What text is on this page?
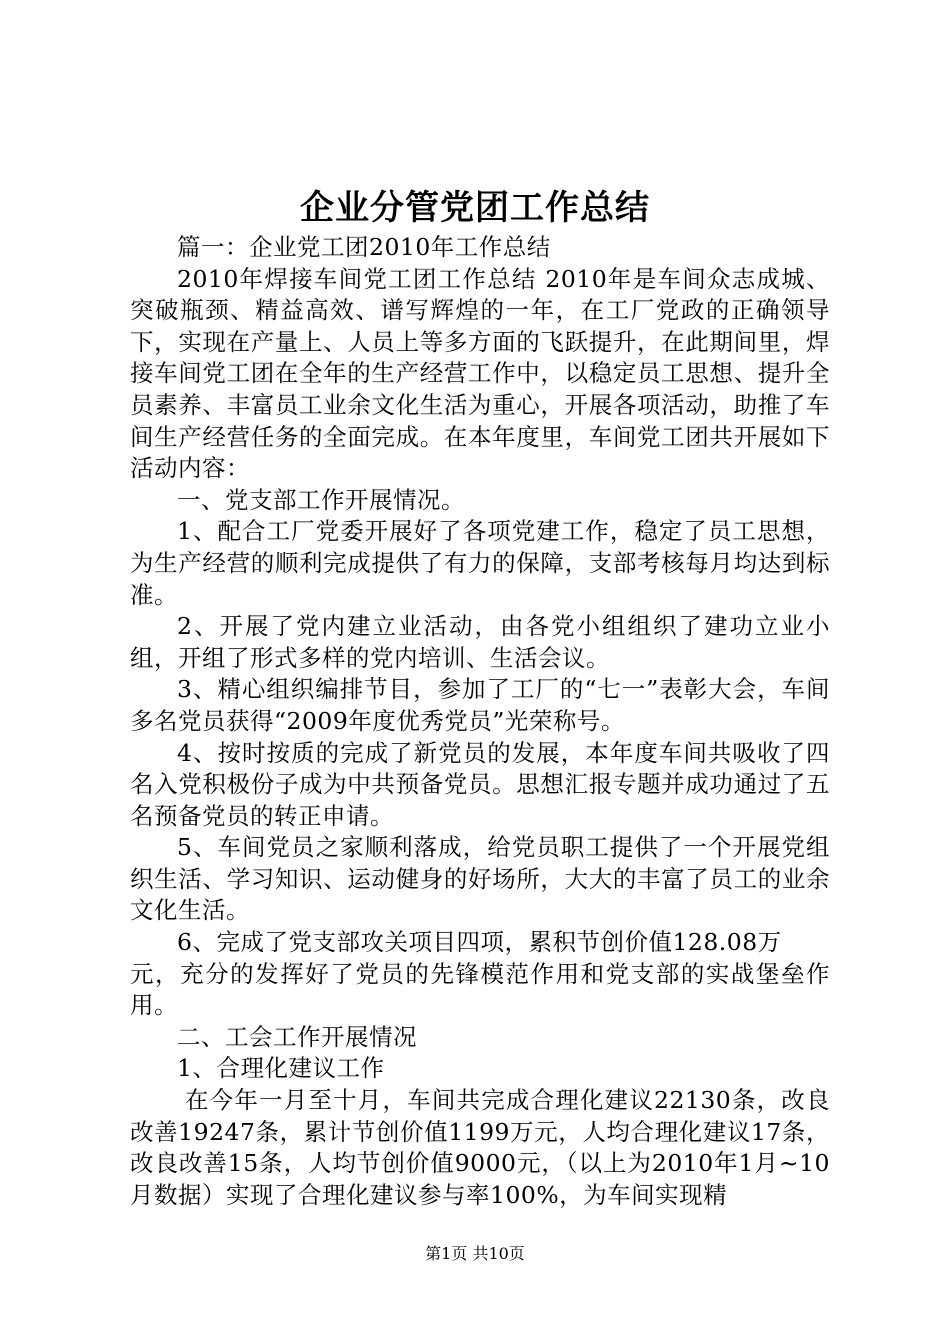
企业分管党团工作总结

篇一：企业党工团2010年工作总结

2010年焊接车间党工团工作总结 2010年是车间众志成城、突破瓶颈、精益高效、谱写辉煌的一年，在工厂党政的正确领导下，实现在产量上、人员上等多方面的飞跃提升，在此期间里，焊接车间党工团在全年的生产经营工作中，以稳定员工思想、提升全员素养、丰富员工业余文化生活为重心，开展各项活动，助推了车间生产经营任务的全面完成。在本年度里，车间党工团共开展如下活动内容：

一、党支部工作开展情况。

1、配合工厂党委开展好了各项党建工作，稳定了员工思想，为生产经营的顺利完成提供了有力的保障，支部考核每月均达到标准。

2、开展了党内建立业活动，由各党小组组织了建功立业小组，开组了形式多样的党内培训、生活会议。

3、精心组织编排节目，参加了工厂的“七一”表彰大会，车间多名党员获得“2009年度优秀党员”光荣称号。

4、按时按质的完成了新党员的发展，本年度车间共吸收了四名入党积极份子成为中共预备党员。思想汇报专题并成功通过了五名预备党员的转正申请。

5、车间党员之家顺利落成，给党员职工提供了一个开展党组织生活、学习知识、运动健身的好场所，大大的丰富了员工的业余文化生活。

6、完成了党支部攻关项目四项，累积节创价值128.08万

元，充分的发挥好了党员的先锋模范作用和党支部的实战堡垒作用。

二、工会工作开展情况

1、合理化建议工作

在今年一月至十月，车间共完成合理化建议22130条，改良改善19247条，累计节创价值1199万元，人均合理化建议17条，改良改善15条，人均节创价值9000元，（以上为2010年1月~10月数据）实现了合理化建议参与率100%，为车间实现精

第1页 共10页
